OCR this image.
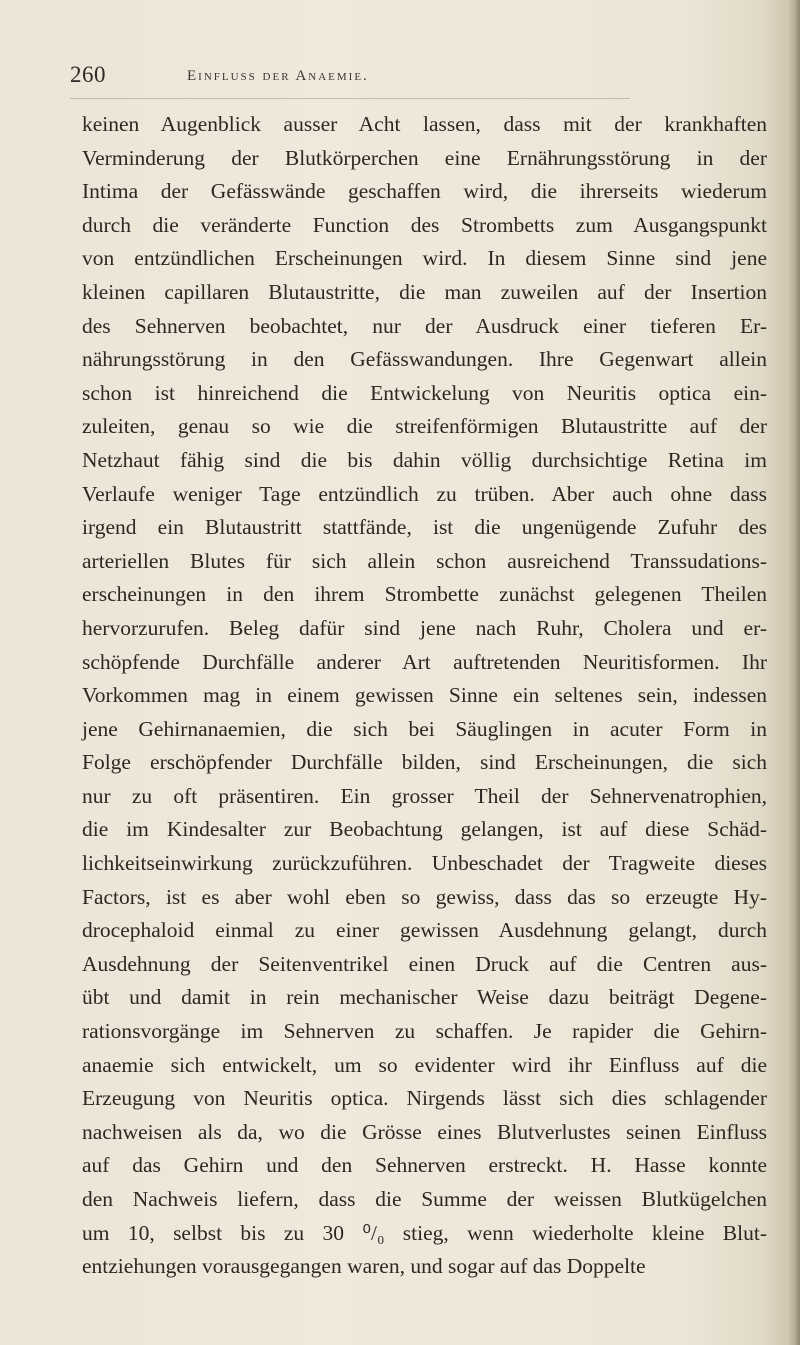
260	Einfluss der Anaemie.
keinen Augenblick ausser Acht lassen, dass mit der krankhaften
Verminderung der Blutkörperchen eine Ernährungsstörung in der
Intima der Gefässwände geschaffen wird, die ihrerseits wiederum
durch die veränderte Function des Strombetts zum Ausgangspunkt
von entzündlichen Erscheinungen wird. In diesem Sinne sind jene
kleinen capillaren Blutaustritte, die man zuweilen auf der Insertion
des Sehnerven beobachtet, nur der Ausdruck einer tieferen Er-
nährungsstörung in den Gefässwandungen. Ihre Gegenwart allein
schon ist hinreichend die Entwickelung von Neuritis optica ein-
zuleiten, genau so wie die streifenförmigen Blutaustritte auf der
Netzhaut fähig sind die bis dahin völlig durchsichtige Retina im
Verlaufe weniger Tage entzündlich zu trüben. Aber auch ohne dass
irgend ein Blutaustritt stattfände, ist die ungenügende Zufuhr des
arteriellen Blutes für sich allein schon ausreichend Transsudations-
erscheinungen in den ihrem Strombette zunächst gelegenen Theilen
hervorzurufen. Beleg dafür sind jene nach Ruhr, Cholera und er-
schöpfende Durchfälle anderer Art auftretenden Neuritisformen. Ihr
Vorkommen mag in einem gewissen Sinne ein seltenes sein, indessen
jene Gehirnanaemien, die sich bei Säuglingen in acuter Form in
Folge erschöpfender Durchfälle bilden, sind Erscheinungen, die sich
nur zu oft präsentiren. Ein grosser Theil der Sehnervenatrophien,
die im Kindesalter zur Beobachtung gelangen, ist auf diese Schäd-
lichkeitseinwirkung zurückzuführen. Unbeschadet der Tragweite dieses
Factors, ist es aber wohl eben so gewiss, dass das so erzeugte Hy-
drocephaloid einmal zu einer gewissen Ausdehnung gelangt, durch
Ausdehnung der Seitenventrikel einen Druck auf die Centren aus-
übt und damit in rein mechanischer Weise dazu beiträgt Degene-
rationsvorgänge im Sehnerven zu schaffen. Je rapider die Gehirn-
anaemie sich entwickelt, um so evidenter wird ihr Einfluss auf die
Erzeugung von Neuritis optica. Nirgends lässt sich dies schlagender
nachweisen als da, wo die Grösse eines Blutverlustes seinen Einfluss
auf das Gehirn und den Sehnerven erstreckt. H. Hasse konnte
den Nachweis liefern, dass die Summe der weissen Blutkügelchen
um 10, selbst bis zu 30 ⁰/₀ stieg, wenn wiederholte kleine Blut-
entziehungen vorausgegangen waren, und sogar auf das Doppelte
